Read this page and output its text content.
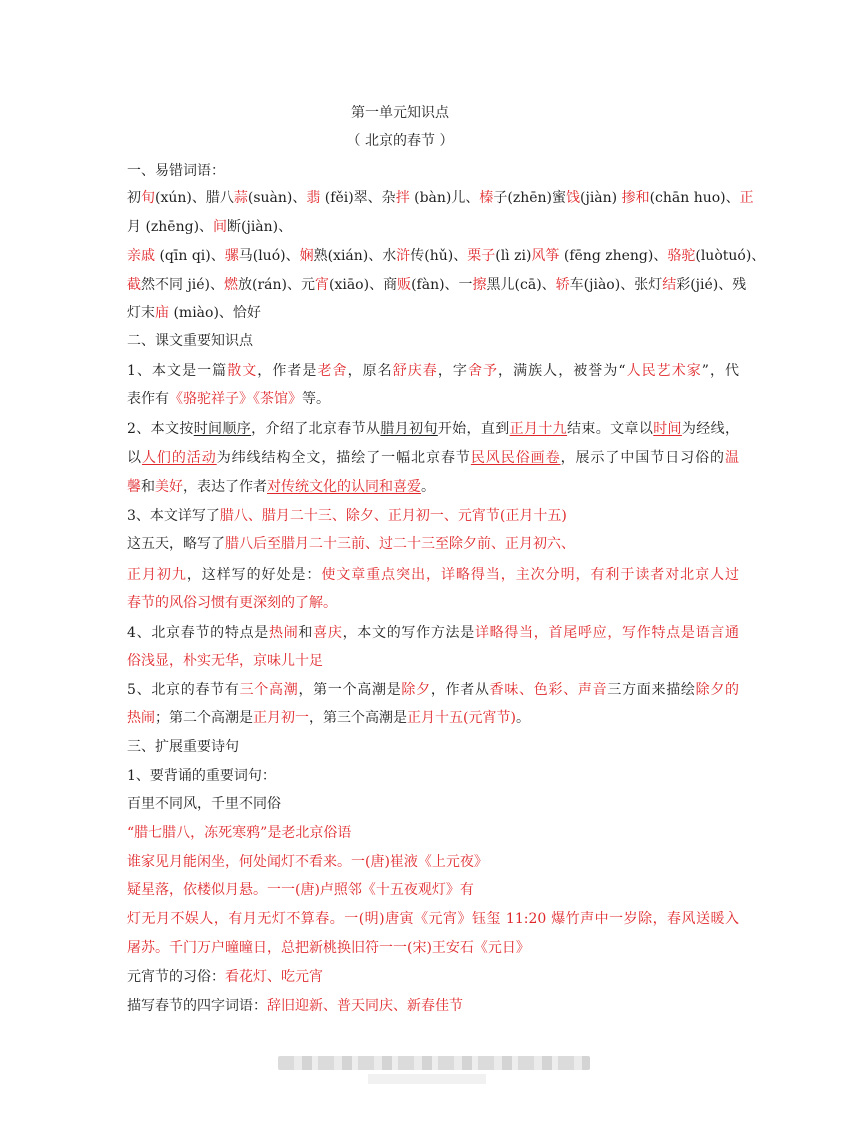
第一单元知识点
（ 北京的春节 ）
一、易错词语：
初旬(xún)、腊八蒜(suàn)、翡 (fěi)翠、杂拌 (bàn)儿、榛子(zhēn)蜜饯(jiàn) 掺和(chān huo)、正
月 (zhēng)、间断(jiàn)、
亲戚 (qīn qi)、骡马(luó)、娴熟(xián)、水浒传(hǔ)、栗子(lì zi)风筝 (fēng zheng)、骆驼(luòtuó)、
截然不同 jié)、燃放(rán)、元宵(xiāo)、商贩(fàn)、一擦黑儿(cā)、轿车(jiào)、张灯结彩(jié)、残
灯末庙 (miào)、恰好
二、课文重要知识点
1、本文是一篇散文，作者是老舍，原名舒庆春，字舍予，满族人，被誉为“人民艺术家”，代
表作有《骆驼祥子》《茶馆》等。
2、本文按时间顺序，介绍了北京春节从腊月初旬开始，直到正月十九结束。文章以时间为经线，
以人们的活动为纬线结构全文，描绘了一幅北京春节民风民俗画卷，展示了中国节日习俗的温
馨和美好，表达了作者对传统文化的认同和喜爱。
3、本文详写了腊八、腊月二十三、除夕、正月初一、元宵节(正月十五)
这五天，略写了腊八后至腊月二十三前、过二十三至除夕前、正月初六、
正月初九，这样写的好处是：使文章重点突出，详略得当，主次分明，有利于读者对北京人过
春节的风俗习惯有更深刻的了解。
4、北京春节的特点是热闹和喜庆，本文的写作方法是详略得当，首尾呼应，写作特点是语言通
俗浅显，朴实无华，京味儿十足
5、北京的春节有三个高潮，第一个高潮是除夕，作者从香味、色彩、声音三方面来描绘除夕的
热闹；第二个高潮是正月初一，第三个高潮是正月十五(元宵节)。
三、扩展重要诗句
1、要背诵的重要词句：
百里不同风，千里不同俗
“腊七腊八，冻死寒鸦”是老北京俗语
谁家见月能闲坐，何处闻灯不看来。一(唐)崔液《上元夜》
疑星落，依楼似月悬。一一(唐)卢照邻《十五夜观灯》有
灯无月不娱人，有月无灯不算春。一(明)唐寅《元宵》钰玺 11:20 爆竹声中一岁除，春风送暖入
屠苏。千门万户曈曈日，总把新桃换旧符一一(宋)王安石《元日》
元宵节的习俗：看花灯、吃元宵
描写春节的四字词语：辞旧迎新、普天同庆、新春佳节
